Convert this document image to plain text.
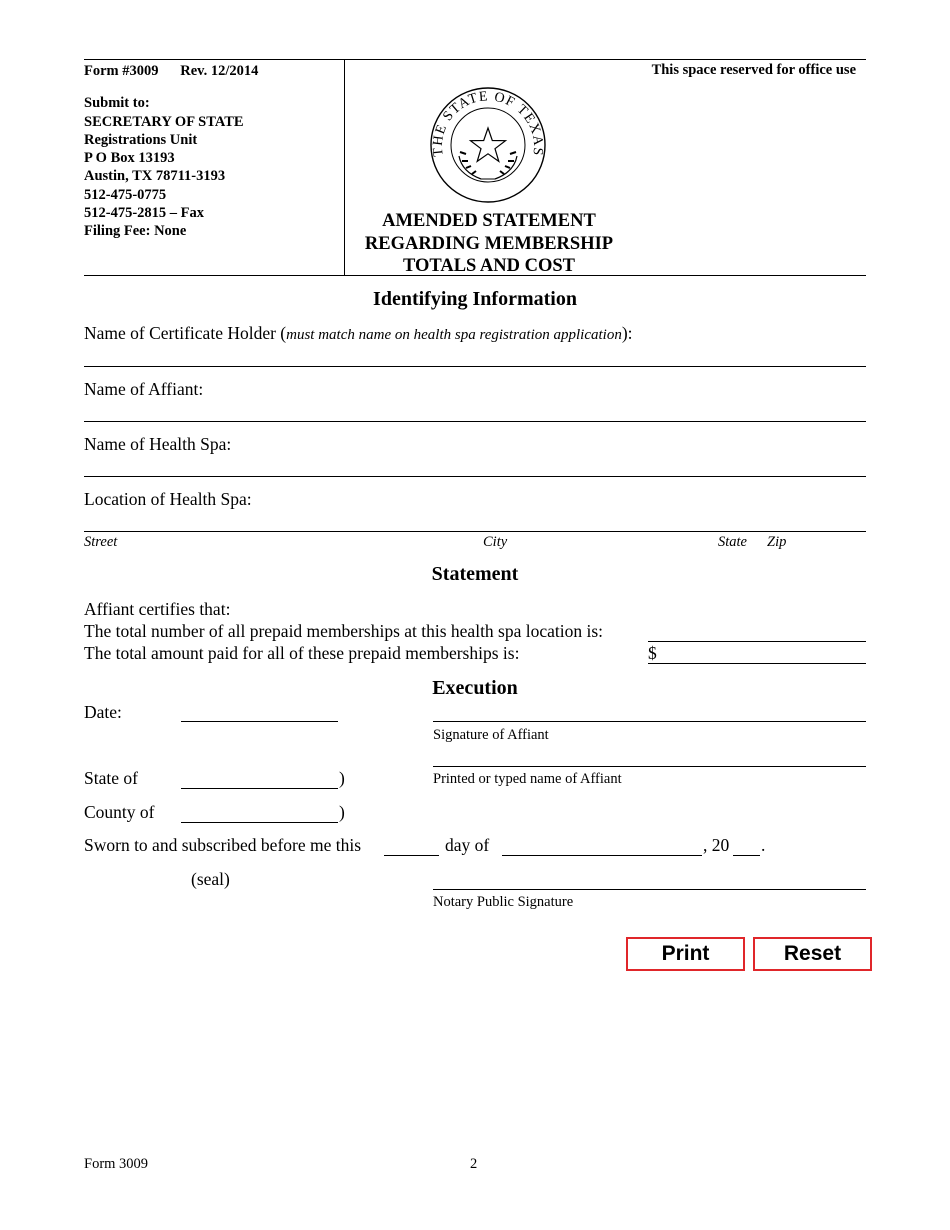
Form #3009 Rev. 12/2014
Submit to:
SECRETARY OF STATE
Registrations Unit
P O Box 13193
Austin, TX 78711-3193
512-475-0775
512-475-2815 – Fax
Filing Fee: None
This space reserved for office use
THE STATE OF TEXAS
AMENDED STATEMENT
REGARDING MEMBERSHIP
TOTALS AND COST
Identifying Information
Name of Certificate Holder (must match name on health spa registration application):
Name of Affiant:
Name of Health Spa:
Location of Health Spa:
Street	City	State Zip
Statement
Affiant certifies that:
The total number of all prepaid memberships at this health spa location is:
The total amount paid for all of these prepaid memberships is:	$
Execution
Date:
Signature of Affiant
Printed or typed name of Affiant
State of	)
County of	)
Sworn to and subscribed before me this	day of	, 20 .
(seal)
Notary Public Signature
Print	Reset
Form 3009	2
